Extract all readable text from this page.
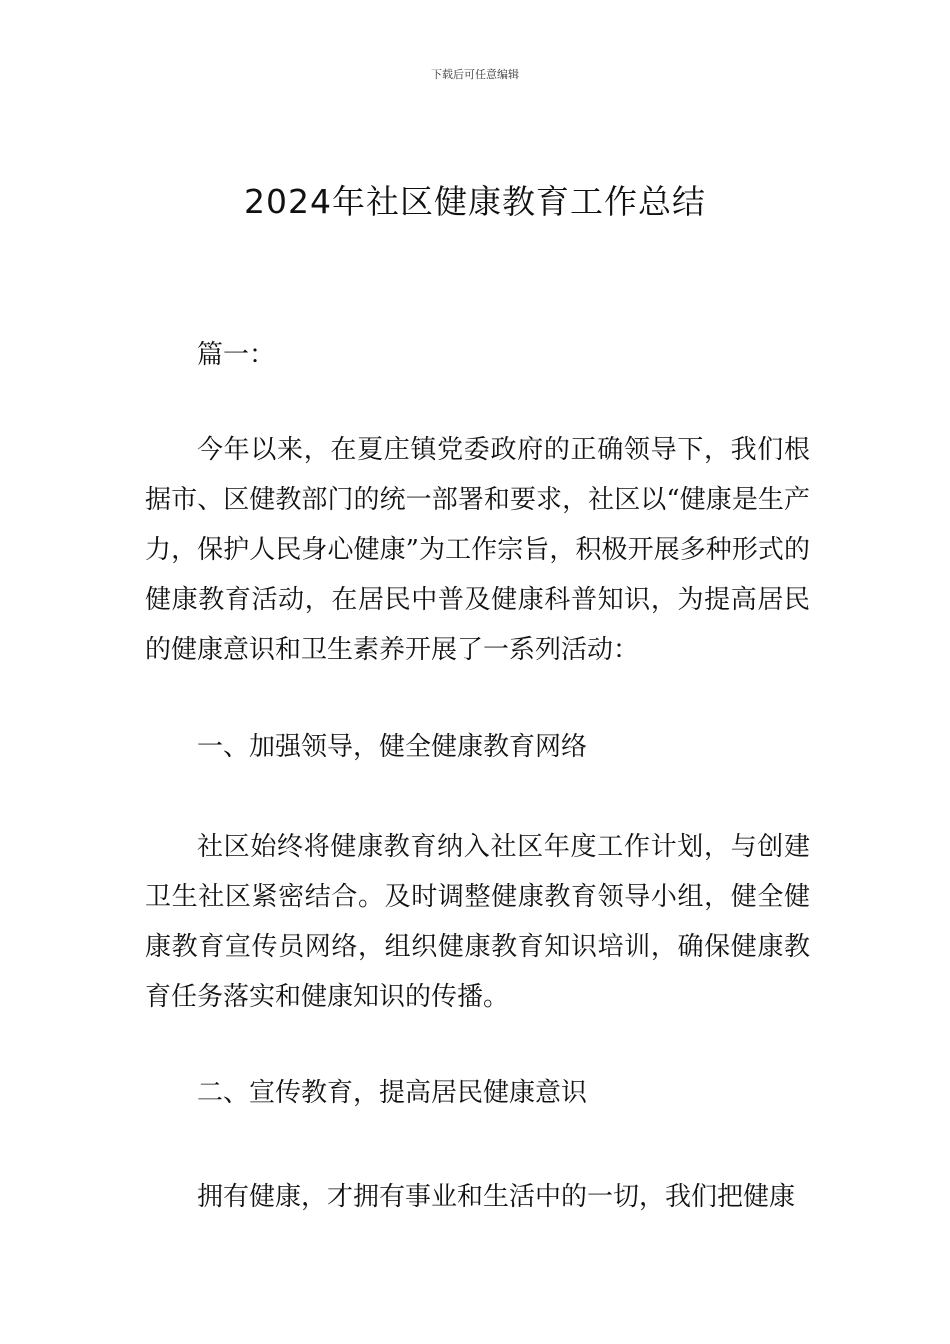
下载后可任意编辑
2024年社区健康教育工作总结

篇一：

今年以来，在夏庄镇党委政府的正确领导下，我们根据市、区健教部门的统一部署和要求，社区以“健康是生产力，保护人民身心健康”为工作宗旨，积极开展多种形式的健康教育活动，在居民中普及健康科普知识，为提高居民的健康意识和卫生素养开展了一系列活动：

一、加强领导，健全健康教育网络

社区始终将健康教育纳入社区年度工作计划，与创建卫生社区紧密结合。及时调整健康教育领导小组，健全健康教育宣传员网络，组织健康教育知识培训，确保健康教育任务落实和健康知识的传播。

二、宣传教育，提高居民健康意识

拥有健康，才拥有事业和生活中的一切，我们把健康
